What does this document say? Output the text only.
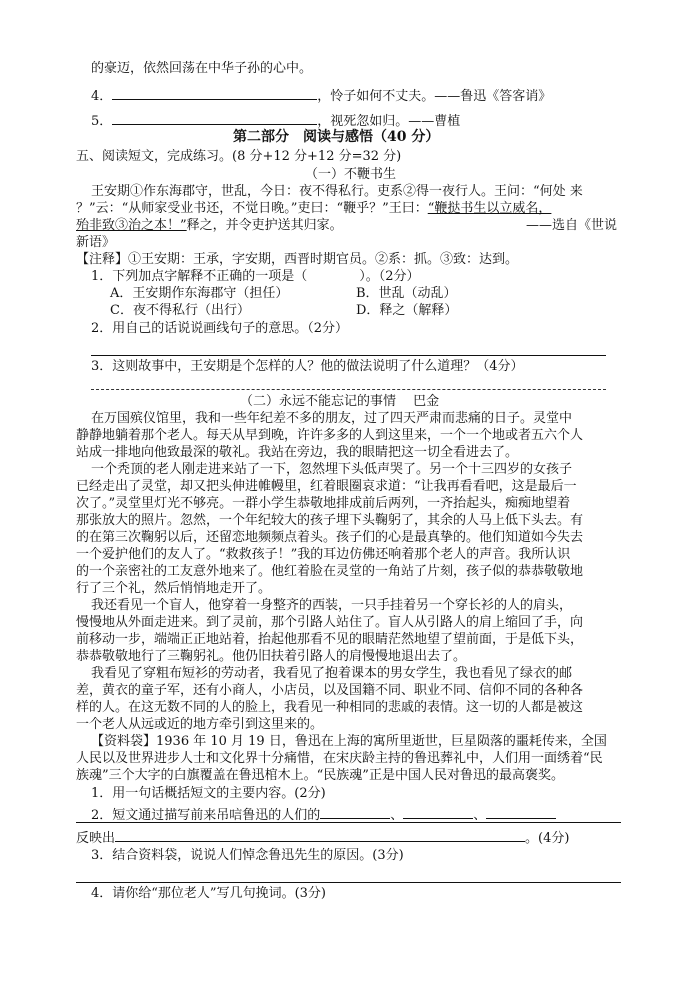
的豪迈，依然回荡在中华子孙的心中。
4．	，怜子如何不丈夫。——鲁迅《答客诮》
5．	，视死忽如归。——曹植
第二部分　阅读与感悟（40 分）
五、阅读短文，完成练习。(8 分+12 分+12 分=32 分)
（一）不鞭书生
王安期①作东海郡守，世乱，今日：夜不得私行。吏系②得一夜行人。王问：“何处 来
？”云：“从师家受业书还，不觉日晚。”吏曰：“鞭乎？”王曰：“鞭挞书生以立威名，
殆非致③治之本！”释之，并令吏护送其归家。	——选自《世说
新语》
【注释】①王安期：王承，字安期，西晋时期官员。②系：抓。③致：达到。
1．下列加点字解释不正确的一项是（　　　　）。（2分）
A．王安期作东海郡守（担任）	B．世乱（动乱）
C．夜不得私行（出行）	D．释之（解释）
2．用自己的话说说画线句子的意思。（2分）
3．这则故事中，王安期是个怎样的人？他的做法说明了什么道理？（4分）
（二）永远不能忘记的事情　 巴金
在万国殡仪馆里，我和一些年纪差不多的朋友，过了四天严肃而悲痛的日子。灵堂中
静静地躺着那个老人。每天从早到晚，许许多多的人到这里来，一个一个地或者五六个人
站成一排地向他致最深的敬礼。我站在旁边，我的眼睛把这一切全看进去了。
一个秃顶的老人刚走进来站了一下，忽然埋下头低声哭了。另一个十三四岁的女孩子
已经走出了灵堂，却又把头伸进帷幔里，红着眼圈哀求道：“让我再看看吧，这是最后一
次了。”灵堂里灯光不够亮。一群小学生恭敬地排成前后两列，一齐抬起头，痴痴地望着
那张放大的照片。忽然，一个年纪较大的孩子埋下头鞠躬了，其余的人马上低下头去。有
的在第三次鞠躬以后，还留恋地频频点着头。孩子们的心是最真挚的。他们知道如今失去
一个爱护他们的友人了。“救救孩子！”我的耳边仿佛还响着那个老人的声音。我所认识
的一个亲密社的工友意外地来了。他红着脸在灵堂的一角站了片刻，孩子似的恭恭敬敬地
行了三个礼，然后悄悄地走开了。
我还看见一个盲人，他穿着一身整齐的西装，一只手挂着另一个穿长衫的人的肩头，
慢慢地从外面走进来。到了灵前，那个引路人站住了。盲人从引路人的肩上缩回了手，向
前移动一步，端端正正地站着，抬起他那看不见的眼睛茫然地望了望前面，于是低下头，
恭恭敬敬地行了三鞠躬礼。他仍旧扶着引路人的肩慢慢地退出去了。
我看见了穿粗布短衫的劳动者，我看见了抱着课本的男女学生，我也看见了绿衣的邮
差，黄衣的童子军，还有小商人，小店员，以及国籍不同、职业不同、信仰不同的各种各
样的人。在这无数不同的人的脸上，我看见一种相同的悲戚的表情。这一切的人都是被这
一个老人从远或近的地方牵引到这里来的。
【资料袋】1936 年 10 月 19 日，鲁迅在上海的寓所里逝世，巨星陨落的噩耗传来，全国
人民以及世界进步人士和文化界十分痛惜，在宋庆龄主持的鲁迅葬礼中，人们用一面绣着“民
族魂”三个大字的白旗覆盖在鲁迅棺木上。“民族魂”正是中国人民对鲁迅的最高褒奖。
1．用一句话概括短文的主要内容。(2分)
2．短文通过描写前来吊唁鲁迅的人们的	、	、
反映出	。(4分)
3．结合资料袋，说说人们悼念鲁迅先生的原因。(3分)
4．请你给“那位老人”写几句挽词。(3分)
